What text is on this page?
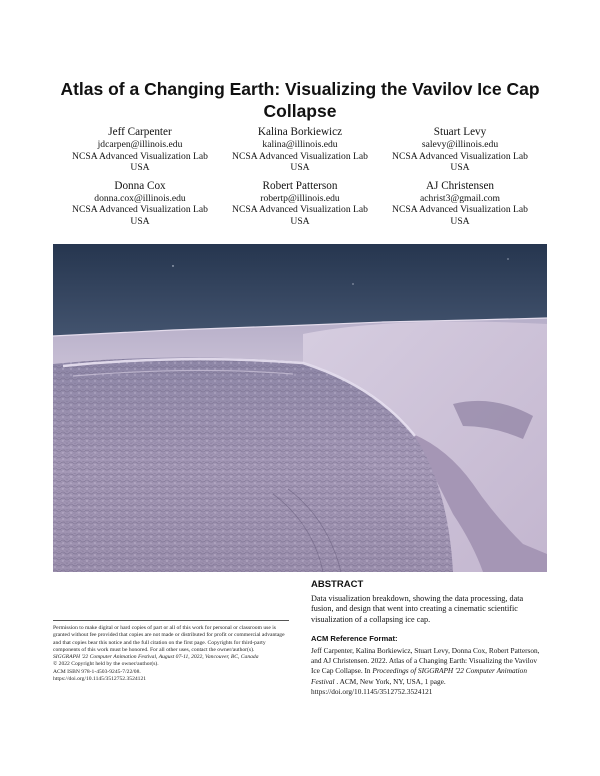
Atlas of a Changing Earth: Visualizing the Vavilov Ice Cap Collapse
Jeff Carpenter
jdcarpen@illinois.edu
NCSA Advanced Visualization Lab
USA
Kalina Borkiewicz
kalina@illinois.edu
NCSA Advanced Visualization Lab
USA
Stuart Levy
salevy@illinois.edu
NCSA Advanced Visualization Lab
USA
Donna Cox
donna.cox@illinois.edu
NCSA Advanced Visualization Lab
USA
Robert Patterson
robertp@illinois.edu
NCSA Advanced Visualization Lab
USA
AJ Christensen
achrist3@gmail.com
NCSA Advanced Visualization Lab
USA
ABSTRACT
Data visualization breakdown, showing the data processing, data fusion, and design that went into creating a cinematic scientific visualization of a collapsing ice cap.
ACM Reference Format:
Jeff Carpenter, Kalina Borkiewicz, Stuart Levy, Donna Cox, Robert Patterson, and AJ Christensen. 2022. Atlas of a Changing Earth: Visualizing the Vavilov Ice Cap Collapse. In Proceedings of SIGGRAPH '22 Computer Animation Festival . ACM, New York, NY, USA, 1 page. https://doi.org/10.1145/3512752.3524121
Permission to make digital or hard copies of part or all of this work for personal or classroom use is granted without fee provided that copies are not made or distributed for profit or commercial advantage and that copies bear this notice and the full citation on the first page. Copyrights for third-party components of this work must be honored. For all other uses, contact the owner/author(s).
SIGGRAPH '22 Computer Animation Festival, August 07-11, 2022, Vancouver, BC, Canada
© 2022 Copyright held by the owner/author(s).
ACM ISBN 978-1-4503-9245-7/22/08.
https://doi.org/10.1145/3512752.3524121
